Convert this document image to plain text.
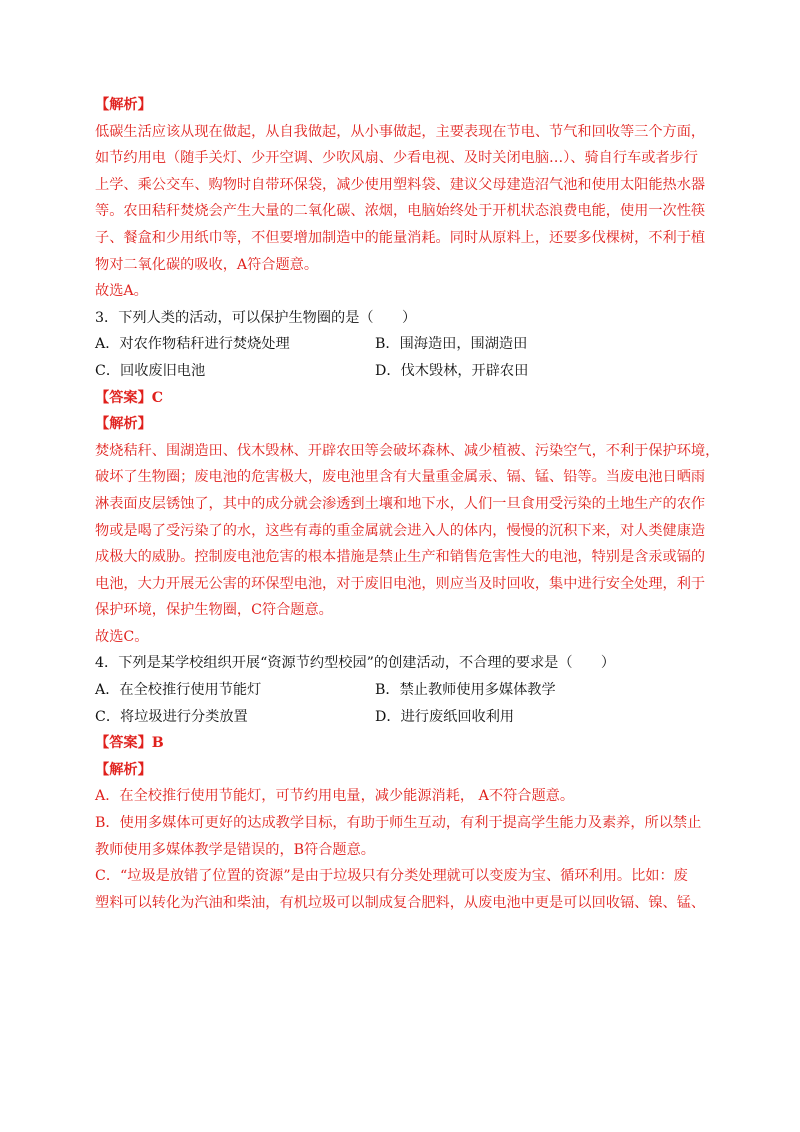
【解析】
低碳生活应该从现在做起，从自我做起，从小事做起，主要表现在节电、节气和回收等三个方面，
如节约用电（随手关灯、少开空调、少吹风扇、少看电视、及时关闭电脑…）、骑自行车或者步行
上学、乘公交车、购物时自带环保袋，减少使用塑料袋、建议父母建造沼气池和使用太阳能热水器
等。农田秸秆焚烧会产生大量的二氧化碳、浓烟，电脑始终处于开机状态浪费电能，使用一次性筷
子、餐盒和少用纸巾等，不但要增加制造中的能量消耗。同时从原料上，还要多伐棵树，不利于植
物对二氧化碳的吸收，A符合题意。
故选A。
3．下列人类的活动，可以保护生物圈的是（　　）
A．对农作物秸秆进行焚烧处理	B．围海造田，围湖造田
C．回收废旧电池	D．伐木毁林，开辟农田
【答案】C
【解析】
焚烧秸秆、围湖造田、伐木毁林、开辟农田等会破坏森林、减少植被、污染空气，不利于保护环境，
破坏了生物圈；废电池的危害极大，废电池里含有大量重金属汞、镉、锰、铅等。当废电池日晒雨
淋表面皮层锈蚀了，其中的成分就会渗透到土壤和地下水，人们一旦食用受污染的土地生产的农作
物或是喝了受污染了的水，这些有毒的重金属就会进入人的体内，慢慢的沉积下来，对人类健康造
成极大的威胁。控制废电池危害的根本措施是禁止生产和销售危害性大的电池，特别是含汞或镉的
电池，大力开展无公害的环保型电池，对于废旧电池，则应当及时回收，集中进行安全处理，利于
保护环境，保护生物圈，C符合题意。
故选C。
4．下列是某学校组织开展“资源节约型校园”的创建活动，不合理的要求是（　　）
A．在全校推行使用节能灯	B．禁止教师使用多媒体教学
C．将垃圾进行分类放置	D．进行废纸回收利用
【答案】B
【解析】
A．在全校推行使用节能灯，可节约用电量，减少能源消耗， A不符合题意。
B．使用多媒体可更好的达成教学目标，有助于师生互动，有利于提高学生能力及素养，所以禁止
教师使用多媒体教学是错误的，B符合题意。
C．“垃圾是放错了位置的资源”是由于垃圾只有分类处理就可以变废为宝、循环利用。比如：废
塑料可以转化为汽油和柴油，有机垃圾可以制成复合肥料，从废电池中更是可以回收镉、镍、锰、
